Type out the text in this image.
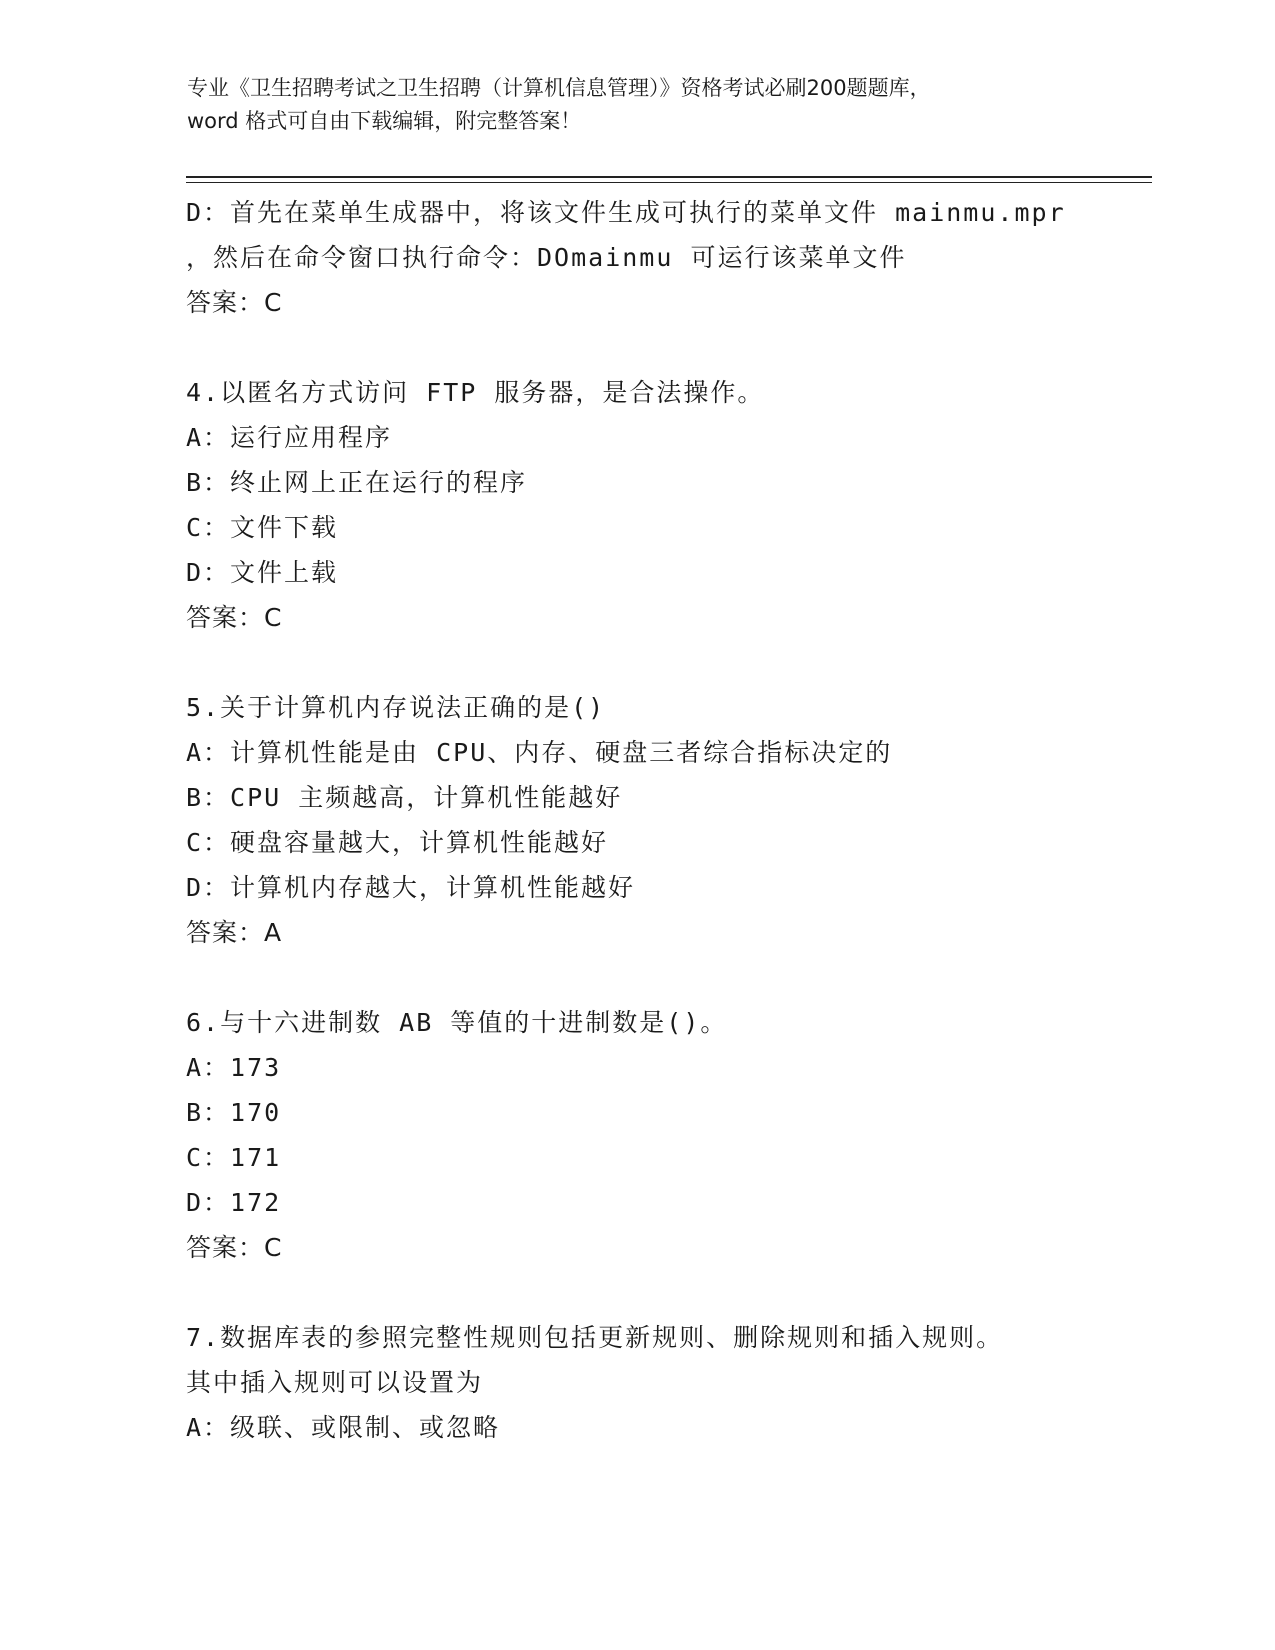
专业《卫生招聘考试之卫生招聘（计算机信息管理）》资格考试必刷200题题库，
word 格式可自由下载编辑，附完整答案！
D：首先在菜单生成器中，将该文件生成可执行的菜单文件 mainmu.mpr
，然后在命令窗口执行命令：DOmainmu 可运行该菜单文件
答案：C
4.以匿名方式访问 FTP 服务器，是合法操作。
A：运行应用程序
B：终止网上正在运行的程序
C：文件下载
D：文件上载
答案：C
5.关于计算机内存说法正确的是()
A：计算机性能是由 CPU、内存、硬盘三者综合指标决定的
B：CPU 主频越高，计算机性能越好
C：硬盘容量越大，计算机性能越好
D：计算机内存越大，计算机性能越好
答案：A
6.与十六进制数 AB 等值的十进制数是()。
A：173
B：170
C：171
D：172
答案：C
7.数据库表的参照完整性规则包括更新规则、删除规则和插入规则。
其中插入规则可以设置为
A：级联、或限制、或忽略
